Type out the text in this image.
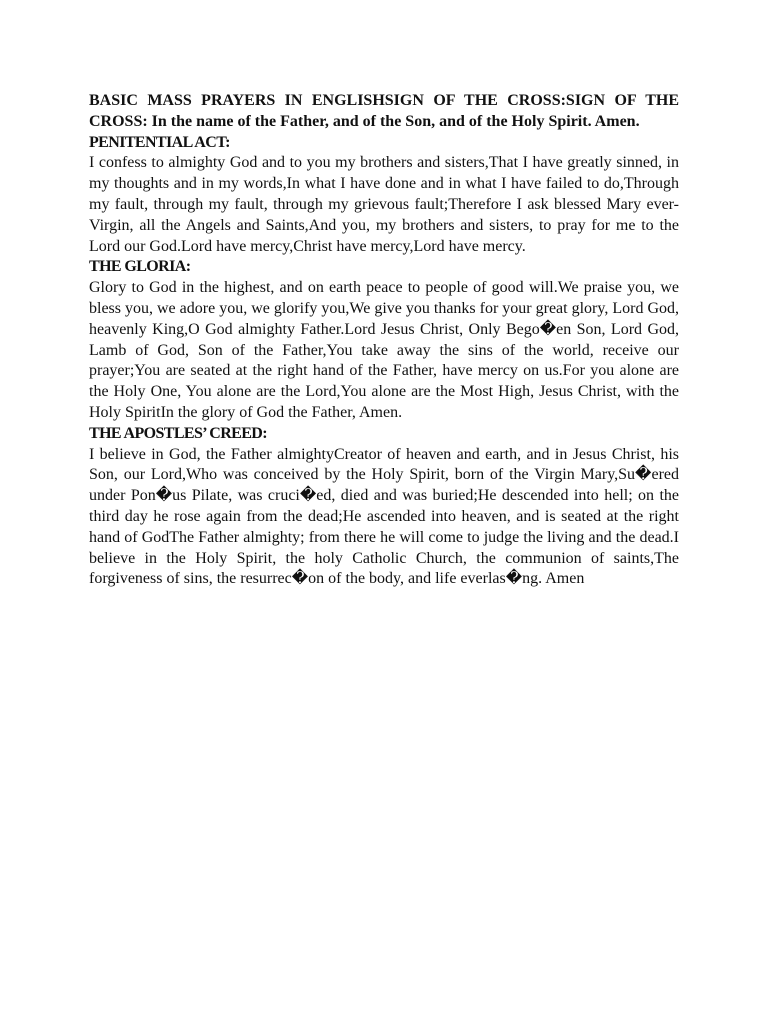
BASIC MASS PRAYERS IN ENGLISHSIGN OF THE CROSS:SIGN OF THE CROSS: In the name of the Father, and of the Son, and of the Holy Spirit. Amen.

PENITENTIAL ACT:

I confess to almighty God and to you my brothers and sisters,That I have greatly sinned, in my thoughts and in my words,In what I have done and in what I have failed to do,Through my fault, through my fault, through my grievous fault;Therefore I ask blessed Mary ever-Virgin, all the Angels and Saints,And you, my brothers and sisters, to pray for me to the Lord our God.Lord have mercy,Christ have mercy,Lord have mercy.

THE GLORIA:

Glory to God in the highest, and on earth peace to people of good will.We praise you, we bless you, we adore you, we glorify you,We give you thanks for your great glory, Lord God, heavenly King,O God almighty Father.Lord Jesus Christ, Only Bego�en Son, Lord God, Lamb of God, Son of the Father,You take away the sins of the world, receive our prayer;You are seated at the right hand of the Father, have mercy on us.For you alone are the Holy One, You alone are the Lord,You alone are the Most High, Jesus Christ, with the Holy SpiritIn the glory of God the Father, Amen.

THE APOSTLES’ CREED:

I believe in God, the Father almightyCreator of heaven and earth, and in Jesus Christ, his Son, our Lord,Who was conceived by the Holy Spirit, born of the Virgin Mary,Su�ered under Pon�us Pilate, was cruci�ed, died and was buried;He descended into hell; on the third day he rose again from the dead;He ascended into heaven, and is seated at the right hand of GodThe Father almighty; from there he will come to judge the living and the dead.I believe in the Holy Spirit, the holy Catholic Church, the communion of saints,The forgiveness of sins, the resurrec�on of the body, and life everlas�ng. Amen
